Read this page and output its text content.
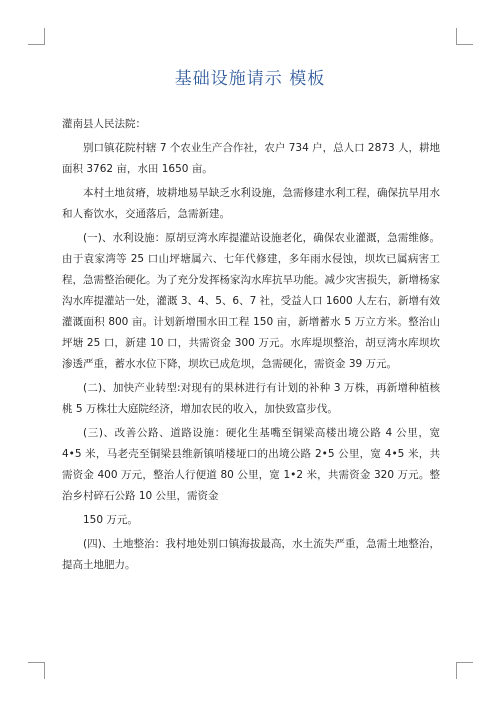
基础设施请示 模板

灌南县人民法院：

别口镇花院村辖 7 个农业生产合作社，农户 734 户，总人口 2873 人，耕地面积 3762 亩，水田 1650 亩。

本村土地贫瘠，坡耕地易旱缺乏水利设施，急需修建水利工程，确保抗旱用水和人畜饮水，交通落后，急需新建。

(一)、水利设施：原胡豆湾水库提灌站设施老化，确保农业灌溉，急需维修。由于袁家湾等 25 口山坪塘属六、七年代修建，多年雨水侵蚀，坝坎已属病害工程，急需整治硬化。为了充分发挥杨家沟水库抗旱功能。减少灾害损失，新增杨家沟水库提灌站一处，灌溉 3、4、5、6、7 社，受益人口 1600 人左右，新增有效灌溉面积 800 亩。计划新增围水田工程 150 亩，新增蓄水 5 万立方米。整治山坪塘 25 口，新建 10 口，共需资金 300 万元。水库堤坝整治，胡豆湾水库坝坎渗透严重，蓄水水位下降，坝坎已成危坝，急需硬化，需资金 39 万元。

(二)、加快产业转型:对现有的果林进行有计划的补种 3 万株，再新增种植核桃 5 万株壮大庭院经济，增加农民的收入，加快致富步伐。

(三)、改善公路、道路设施：硬化生基嘴至铜梁高楼出境公路 4 公里，宽 4•5 米，马老壳至铜梁县维新镇哨楼垭口的出境公路 2•5 公里，宽 4•5 米，共需资金 400 万元，整治人行便道 80 公里，宽 1•2 米，共需资金 320 万元。整治乡村碎石公路 10 公里，需资金

150 万元。

(四)、土地整治：我村地处别口镇海拔最高，水土流失严重，急需土地整治，提高土地肥力。
